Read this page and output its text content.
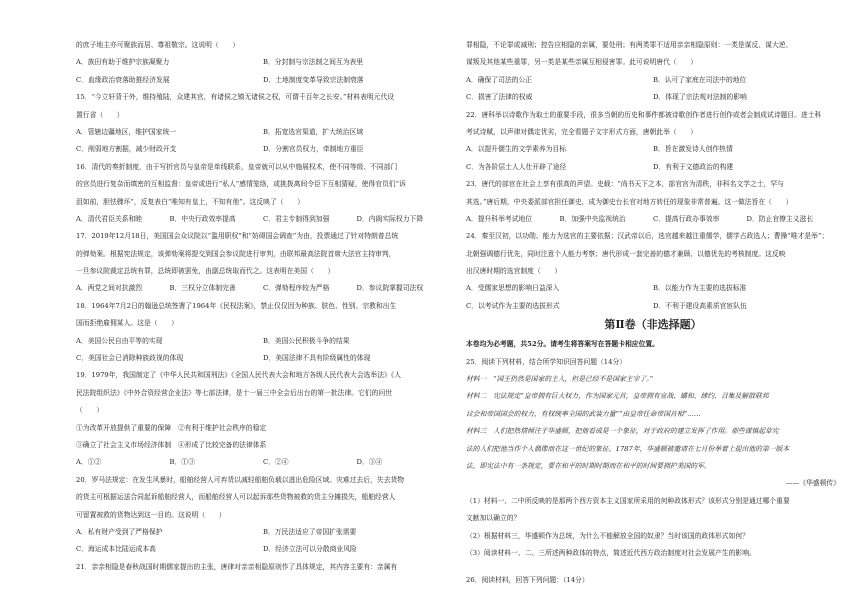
的庶子地主亦可聚族而居、尊祖敬宗。这说明（　　）
A．族田有助于维护宗族凝聚力	B．分封制与宗法制之间互为表里
C．血缘政治衰落助推经济发展	D．土地制度变革导致宗法制衰落
15．“今立轩背于外，维持殖陆，众建其官，有诸侯之镇无诸侯之权，可谓千百年之长安。”材料表明元代设
置行省（　　）
A．管辖边疆地区，维护国家统一	B．拓宽选官渠道，扩大统治区域
C．削弱地方割据，减少财政开支	D．分割官员权力，牵制地方重臣
16．清代的奏折制度，由于写折官员与皇帝是单线联系，皇帝就可以从中施展权术，使不同等级、不同部门
的官员进行复杂而缜密的互相监督：皇帝或进行“私人”感情笼络，或挑拨离间令臣下互相猜疑，使得官员们“诉
沮如前，胆怯骤坏”，反复表白“唯知有皇上，不知有他”。这反映了（　　）
A．清代君臣关系和睦	B．中央行政效率提高	C．君主专制得到加强	D．内阁实际权力下降
17．2019年12月18日，美国国会众议院以“滥用职权”和“妨碍国会调查”为由，投票通过了针对特朗普总统
的弹劾案。根据宪法规定，该弹劾案将提交到国会参议院进行审判，由联邦最高法院首席大法官主持审判，
一旦参议院裁定总统有罪，总统即被罢免，由副总统取而代之。这表明在美国（　　）
A．两党之间对抗激烈	B．三权分立体制完善	C．弹劾程序较为严格	D．参议院掌握司法权
18．1964年7月2日的翰逊总统签署了1964年《民权法案》，禁止仅仅因为种族、肤色、性别、宗教和出生
国而拒绝雇佣某人。这是（　　）
A．美国公民自由平等的实现	B．美国公民积极斗争的结果
C．美国社会已消除种族歧视的体现	D．美国法律不具有阶级属性的体现
19．1979年，我国制定了《中华人民共和国刑法》《全国人民代表大会和地方各级人民代表大会选举法》《人
民法院组织法》《中外合资经营企业法》等七部法律，是十一届三中全会后出台的第一批法律。它们的问世
（　　）
①为改革开放提供了重要的保障　②有利于维护社会秩序的稳定
③确立了社会主义市场经济体制　④形成了比较完备的法律体系
A．①②	B．①③	C．②④	D．③④
20．罗马法规定：在发生风暴时，船舶经营人可弃货以减轻船舶负载以逃出危险区域。灾难过去后，失去货物
的货主可根据运送合同起诉船舶经营人，而船舶经营人可以起诉那些货物被救的货主分摊损失，船舶经营人
可留置被救的货物达到这一目的。这说明（　　）
A．私有财产受到了严格保护	B．万民法适应了帝国扩张需要
C．海运成本比陆运成本高	D．经济立法可以分散商业风险
21．亲亲相隐是春秋战国时期儒家提出的主张，唐律对亲亲相隐原则作了具体规定，其内容主要有：亲属有
罪相隐，不论罪或减刑；控告应相隐的亲属，要处刑；有两类罪不适用亲亲相隐原则：一类是谋反、谋大逆、
谋叛及其他某些重罪，另一类是某些亲属互相侵害罪。此可说明唐代（　　）
A．确保了司法的公正	B．认可了家庭在司法中的地位
C．损害了法律的权威	D．体现了宗法观对法制的影响
22．唐科举以诗歌作为取士的重要手段，很多当朝的历史和事件都被诗歌创作者进行创作或者会制成试诗题目。进士科
考试诗赋，以声律对偶定优劣，完全看题子文字形式方面，唐朝此举（　　）
A．以提升儒生的文学素养为目标	B．旨在激发诗人创作热情
C．为各阶层士人人仕开辟了途径	D．有利于文德政治的构建
23．唐代的部官在社会上享有很高的声望。史载：“尚书天下之本，部官宫为清秩，非科名文学之士，罕与
其选。”唐后期，中央委派部官担任御史，成为御史台长官对地方转任的现象非常普遍。这一做法旨在（　　）
A．提升科举考试地位	B．加强中央监视统治	C．提高行政办事效率	D．防止官僚主义滋长
24．秦至汉初，以功勋、能力为选官的主要依据；汉武帝以后，选官越来越注重儒学，儒学占政选人；曹操“唯才是举”；
北朝强调德行优先，同时注意个人能力考察；唐代形成一套完善的德才兼顾、以德优先的考核制度。这反映
出汉唐时期的选官制度（　　）
A．受儒家思想的影响日益深入	B．以能力作为主要的选拔标准
C．以考试作为主要的选拔形式	D．不利于建设高素质官宦队伍
第Ⅱ卷（非选择题）
本卷均为必考题，共52分。请考生将答案写在答题卡相应位置。
25．阅读下列材料，结合所学知识回答问题（14分）
材料一　“国王仍然是国家的主人，但是已经不是国家主宰了。”
材料二　宪法规定“皇帝拥有巨大权力，作为国家元首，皇帝拥有宣战、媾和、缔约、召集及解散联邦
议会和帝国国会的权力，有权统率全国的武装力量”“由皇帝任命帝国首相”……
材料三　人们把热情倾注于华盛顿，把他看成是一个象征，对于政府的建立发挥了作用。那些谨慎起草宪
法的人们把他当作个人偶像而在这一世纪的象征。1787年，华盛顿被邀请在七月份举着上提出他的第一版本
法，即宪法中有一条规定，要在和平的时期时期而在和平的时间要拥护美国的军。
——《华盛顿传》
（1）材料一、二中所反映的是那两个西方资本主义国家所采用的何种政体形式？该形式分别是通过哪个重要
文献加以确立的？
（2）根据材料三，华盛顿作为总统，为什么不能解放全国的奴隶？当时该国的政体形式如何？
（3）阅读材料一、二、三所述两种政体的特点，简述近代西方政治制度对社会发展产生的影响。
26．阅读材料，回答下列问题：（14分）
